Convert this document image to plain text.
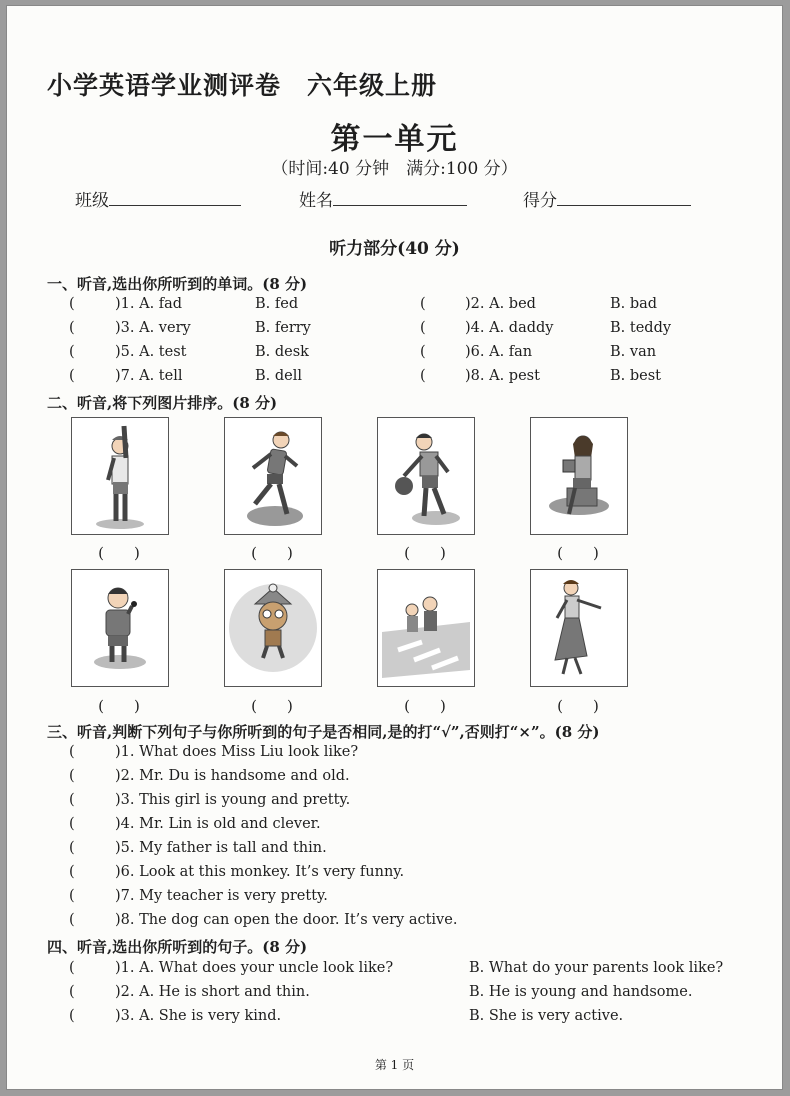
小学英语学业测评卷　六年级上册
第一单元
（时间:40 分钟　满分:100 分）
班级	姓名	得分
听力部分(40 分)
一、听音,选出你所听到的单词。(8 分)
(	)1. A. fad	B. fed	(	)2. A. bed	B. bad
(	)3. A. very	B. ferry	(	)4. A. daddy	B. teddy
(	)5. A. test	B. desk	(	)6. A. fan	B. van
(	)7. A. tell	B. dell	(	)8. A. pest	B. best
二、听音,将下列图片排序。(8 分)
(　　)	(　　)	(　　)	(　　)
(　　)	(　　)	(　　)	(　　)
三、听音,判断下列句子与你所听到的句子是否相同,是的打“√”,否则打“×”。(8 分)
(	)1. What does Miss Liu look like?
(	)2. Mr. Du is handsome and old.
(	)3. This girl is young and pretty.
(	)4. Mr. Lin is old and clever.
(	)5. My father is tall and thin.
(	)6. Look at this monkey. It’s very funny.
(	)7. My teacher is very pretty.
(	)8. The dog can open the door. It’s very active.
四、听音,选出你所听到的句子。(8 分)
(	)1. A. What does your uncle look like?	B. What do your parents look like?
(	)2. A. He is short and thin.	B. He is young and handsome.
(	)3. A. She is very kind.	B. She is very active.
第 1 页
